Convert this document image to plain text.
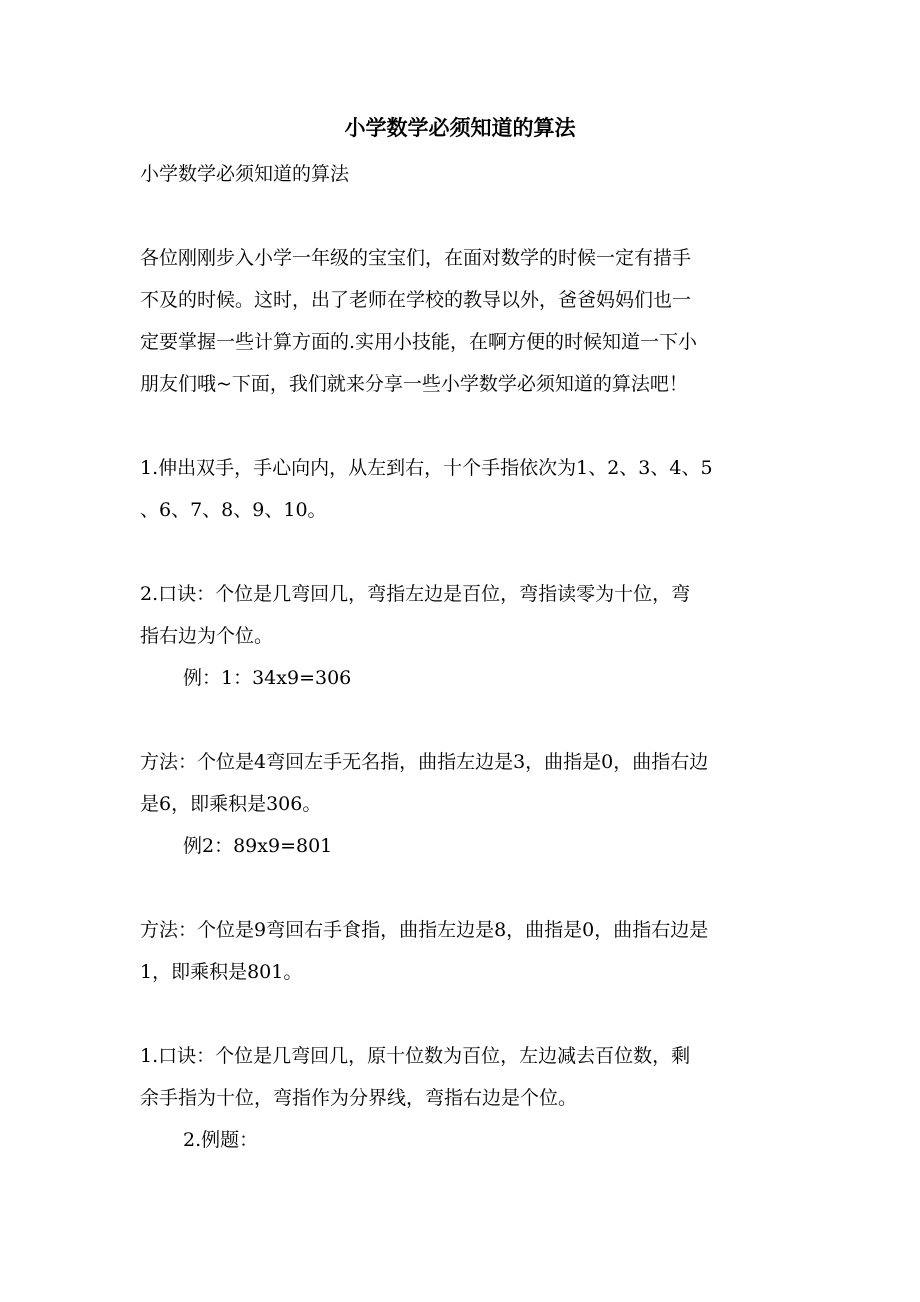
小学数学必须知道的算法
小学数学必须知道的算法
各位刚刚步入小学一年级的宝宝们，在面对数学的时候一定有措手
不及的时候。这时，出了老师在学校的教导以外，爸爸妈妈们也一
定要掌握一些计算方面的.实用小技能，在啊方便的时候知道一下小
朋友们哦~下面，我们就来分享一些小学数学必须知道的算法吧！
1.伸出双手，手心向内，从左到右，十个手指依次为1、2、3、4、5
、6、7、8、9、10。
2.口诀：个位是几弯回几，弯指左边是百位，弯指读零为十位，弯
指右边为个位。
例：1：34x9=306
方法：个位是4弯回左手无名指，曲指左边是3，曲指是0，曲指右边
是6，即乘积是306。
例2：89x9=801
方法：个位是9弯回右手食指，曲指左边是8，曲指是0，曲指右边是
1，即乘积是801。
1.口诀：个位是几弯回几，原十位数为百位，左边减去百位数，剩
余手指为十位，弯指作为分界线，弯指右边是个位。
2.例题：
